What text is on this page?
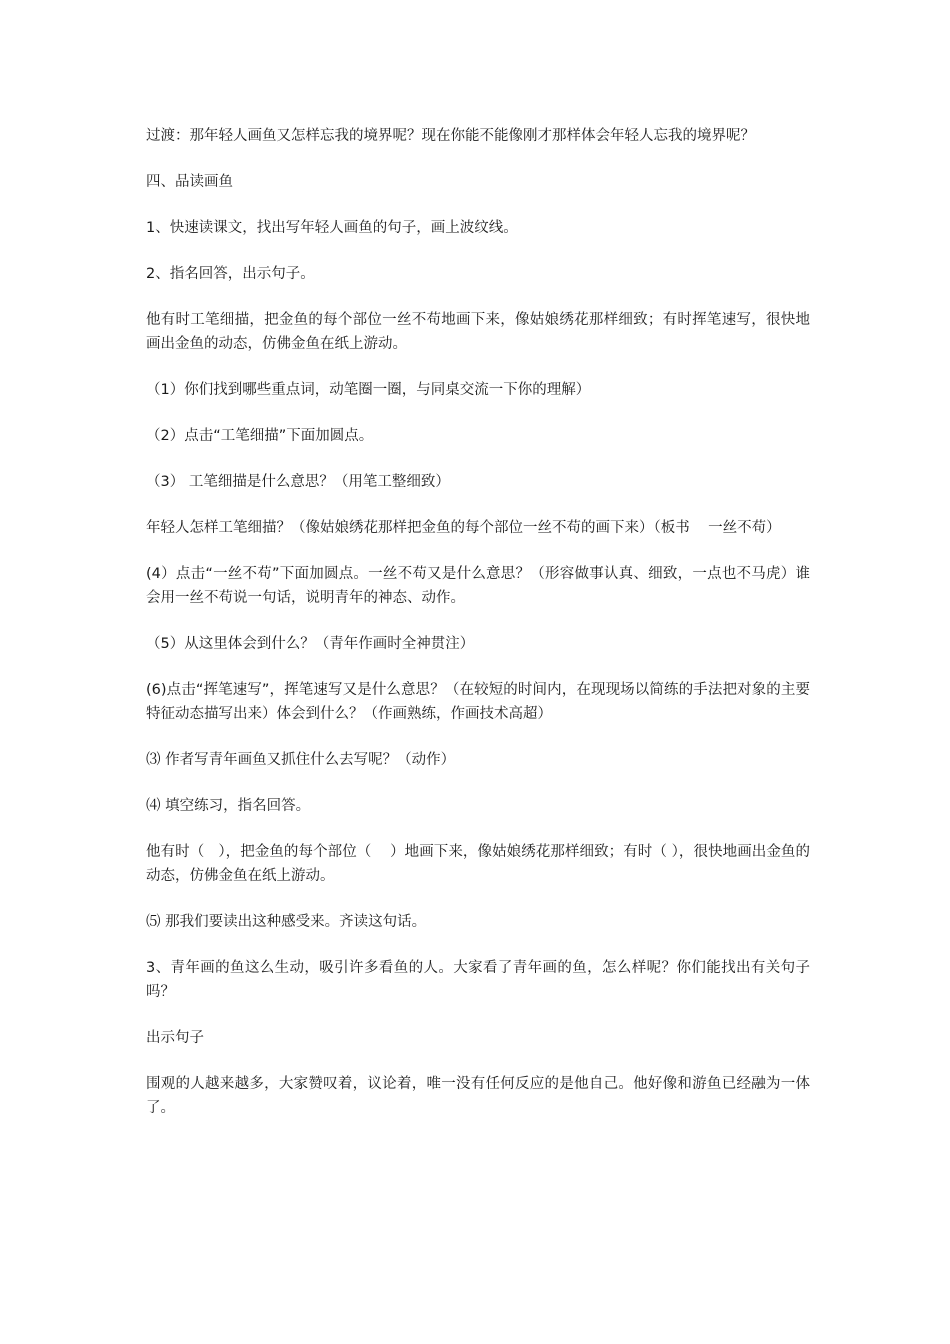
过渡：那年轻人画鱼又怎样忘我的境界呢？现在你能不能像刚才那样体会年轻人忘我的境界呢？

四、品读画鱼

1、快速读课文，找出写年轻人画鱼的句子，画上波纹线。

2、指名回答，出示句子。

他有时工笔细描，把金鱼的每个部位一丝不苟地画下来，像姑娘绣花那样细致；有时挥笔速写，很快地画出金鱼的动态，仿佛金鱼在纸上游动。

（1）你们找到哪些重点词，动笔圈一圈，与同桌交流一下你的理解）

（2）点击“工笔细描”下面加圆点。

（3） 工笔细描是什么意思？（用笔工整细致）

年轻人怎样工笔细描？（像姑娘绣花那样把金鱼的每个部位一丝不苟的画下来）（板书    一丝不苟）

(4）点击“一丝不苟”下面加圆点。一丝不苟又是什么意思？（形容做事认真、细致，一点也不马虎）谁会用一丝不苟说一句话，说明青年的神态、动作。

（5）从这里体会到什么？（青年作画时全神贯注）

(6)点击“挥笔速写”，挥笔速写又是什么意思？（在较短的时间内，在现现场以简练的手法把对象的主要特征动态描写出来）体会到什么？（作画熟练，作画技术高超）

⑶ 作者写青年画鱼又抓住什么去写呢？（动作）

⑷ 填空练习，指名回答。

他有时（   ），把金鱼的每个部位（    ）地画下来，像姑娘绣花那样细致；有时（ ），很快地画出金鱼的动态，仿佛金鱼在纸上游动。

⑸ 那我们要读出这种感受来。齐读这句话。

3、青年画的鱼这么生动，吸引许多看鱼的人。大家看了青年画的鱼，怎么样呢？你们能找出有关句子吗？

出示句子

围观的人越来越多，大家赞叹着，议论着，唯一没有任何反应的是他自己。他好像和游鱼已经融为一体了。
